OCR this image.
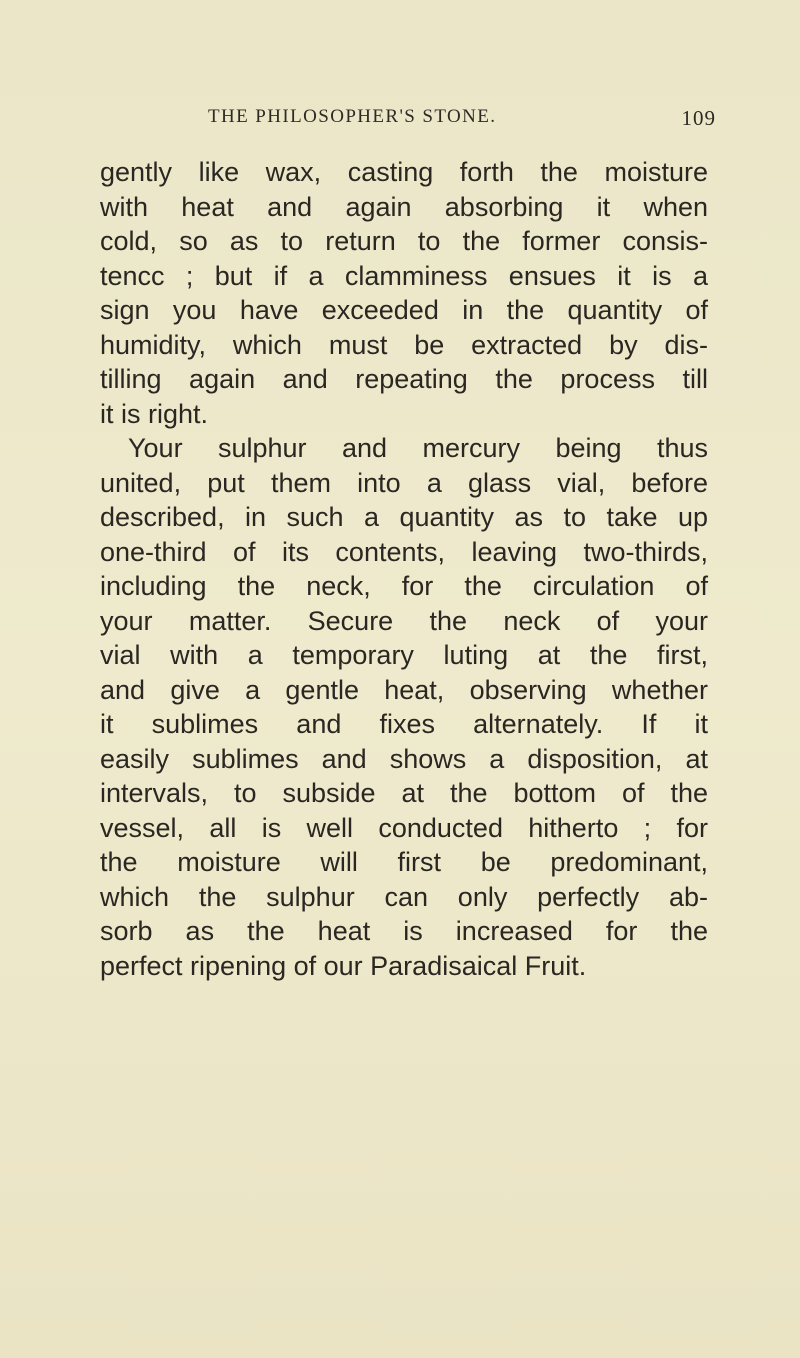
THE PHILOSOPHER'S STONE.	109
gently like wax, casting forth the moisture
with heat and again absorbing it when
cold, so as to return to the former consis-
tencc ; but if a clamminess ensues it is a
sign you have exceeded in the quantity of
humidity, which must be extracted by dis-
tilling again and repeating the process till
it is right.
Your sulphur and mercury being thus
united, put them into a glass vial, before
described, in such a quantity as to take up
one-third of its contents, leaving two-thirds,
including the neck, for the circulation of
your matter. Secure the neck of your
vial with a temporary luting at the first,
and give a gentle heat, observing whether
it sublimes and fixes alternately. If it
easily sublimes and shows a disposition, at
intervals, to subside at the bottom of the
vessel, all is well conducted hitherto ; for
the moisture will first be predominant,
which the sulphur can only perfectly ab-
sorb as the heat is increased for the
perfect ripening of our Paradisaical Fruit.
